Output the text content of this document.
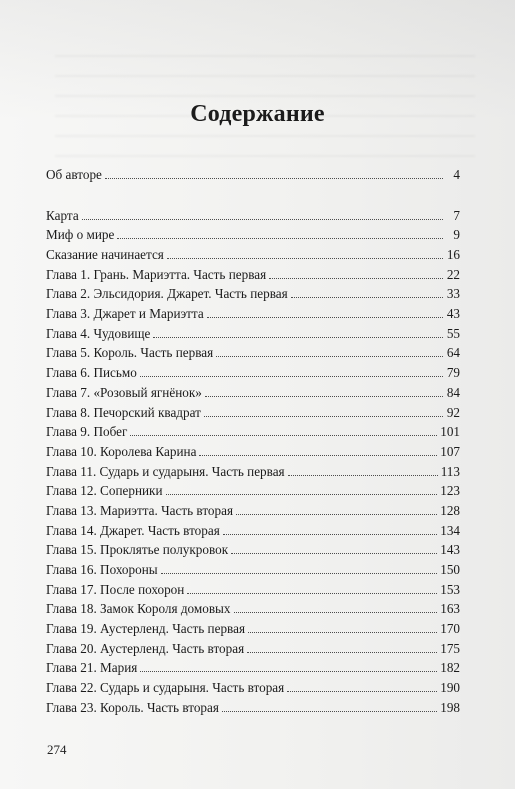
Содержание
Об авторе	4
Карта	7
Миф о мире	9
Сказание начинается	16
Глава 1. Грань. Мариэтта. Часть первая	22
Глава 2. Эльсидория. Джарет. Часть первая	33
Глава 3. Джарет и Мариэтта	43
Глава 4. Чудовище	55
Глава 5. Король. Часть первая	64
Глава 6. Письмо	79
Глава 7. «Розовый ягнёнок»	84
Глава 8. Печорский квадрат	92
Глава 9. Побег	101
Глава 10. Королева Карина	107
Глава 11. Сударь и сударыня. Часть первая	113
Глава 12. Соперники	123
Глава 13. Мариэтта. Часть вторая	128
Глава 14. Джарет. Часть вторая	134
Глава 15. Проклятье полукровок	143
Глава 16. Похороны	150
Глава 17. После похорон	153
Глава 18. Замок Короля домовых	163
Глава 19. Аустерленд. Часть первая	170
Глава 20. Аустерленд. Часть вторая	175
Глава 21. Мария	182
Глава 22. Сударь и сударыня. Часть вторая	190
Глава 23. Король. Часть вторая	198
274
